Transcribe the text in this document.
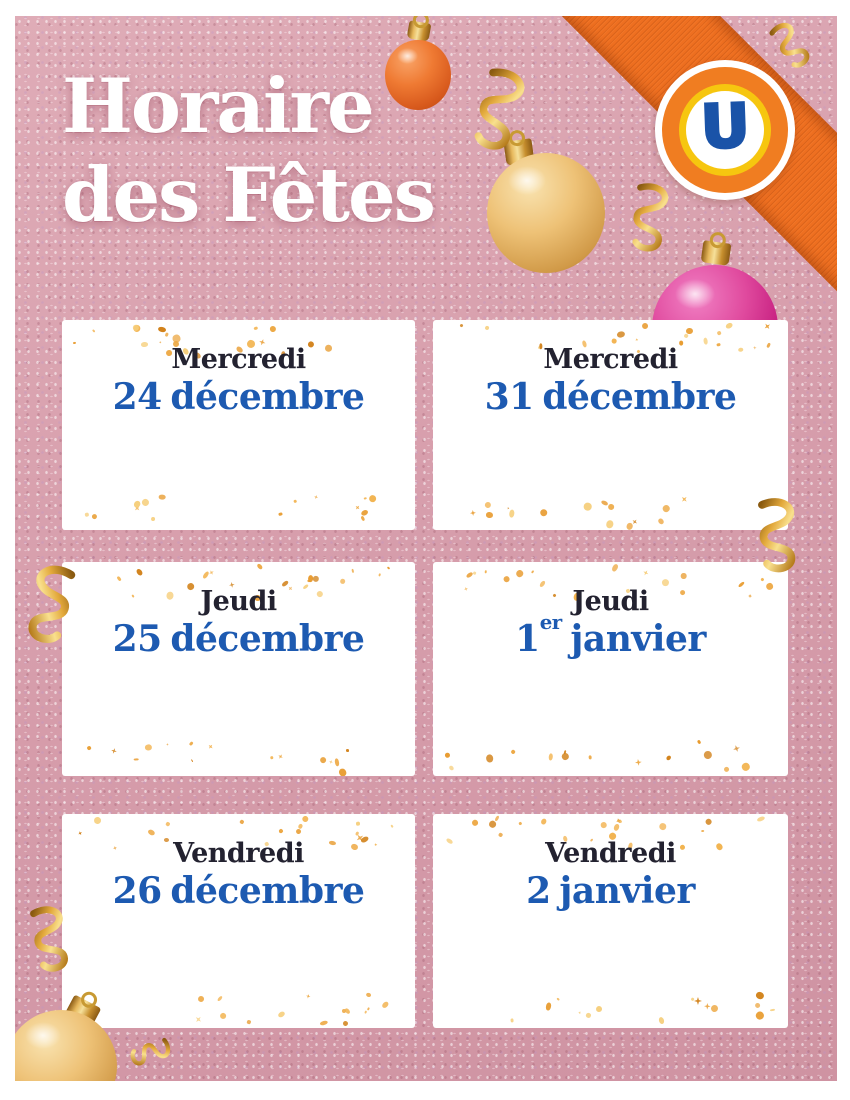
Horaire
des Fêtes
U
Mercredi
24 décembre
Mercredi
31 décembre
Jeudi
25 décembre
Jeudi
1er janvier
Vendredi
26 décembre
Vendredi
2 janvier
